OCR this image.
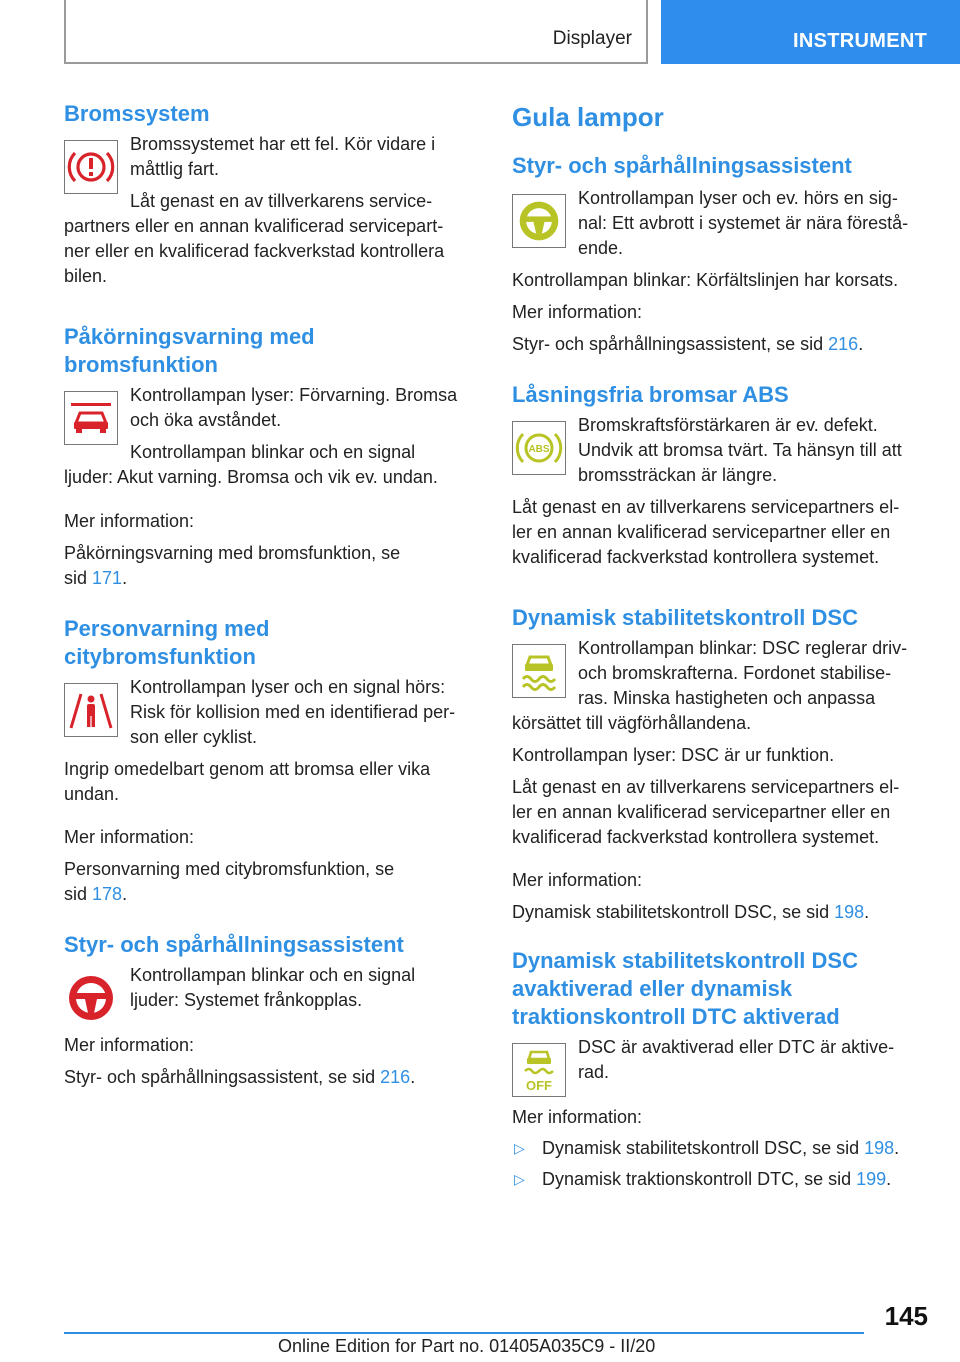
Displayer	INSTRUMENT
Bromssystem

Bromssystemet har ett fel. Kör vidare i

måttlig fart.

Låt genast en av tillverkarens service-

partners eller en annan kvalificerad servicepart-

ner eller en kvalificerad fackverkstad kontrollera

bilen.

Påkörningsvarning med
bromsfunktion

Kontrollampan lyser: Förvarning. Bromsa

och öka avståndet.

Kontrollampan blinkar och en signal

ljuder: Akut varning. Bromsa och vik ev. undan.

Mer information:

Påkörningsvarning med bromsfunktion, se

sid 171.

Personvarning med
citybromsfunktion

Kontrollampan lyser och en signal hörs:

Risk för kollision med en identifierad per-

son eller cyklist.

Ingrip omedelbart genom att bromsa eller vika

undan.

Mer information:

Personvarning med citybromsfunktion, se

sid 178.

Styr- och spårhållningsassistent

Kontrollampan blinkar och en signal

ljuder: Systemet frånkopplas.

Mer information:

Styr- och spårhållningsassistent, se sid 216.

Gula lampor
Styr- och spårhållningsassistent

Kontrollampan lyser och ev. hörs en sig-

nal: Ett avbrott i systemet är nära förestå-

ende.

Kontrollampan blinkar: Körfältslinjen har korsats.

Mer information:

Styr- och spårhållningsassistent, se sid 216.

Låsningsfria bromsar ABS
ABS

Bromskraftsförstärkaren är ev. defekt.

Undvik att bromsa tvärt. Ta hänsyn till att

bromssträckan är längre.

Låt genast en av tillverkarens servicepartners el-

ler en annan kvalificerad servicepartner eller en

kvalificerad fackverkstad kontrollera systemet.

Dynamisk stabilitetskontroll DSC

Kontrollampan blinkar: DSC reglerar driv-

och bromskrafterna. Fordonet stabilise-

ras. Minska hastigheten och anpassa

körsättet till vägförhållandena.

Kontrollampan lyser: DSC är ur funktion.

Låt genast en av tillverkarens servicepartners el-

ler en annan kvalificerad servicepartner eller en

kvalificerad fackverkstad kontrollera systemet.

Mer information:

Dynamisk stabilitetskontroll DSC, se sid 198.

Dynamisk stabilitetskontroll DSC
avaktiverad eller dynamisk
traktionskontroll DTC aktiverad
OFF

DSC är avaktiverad eller DTC är aktive-

rad.

Mer information:

▷ Dynamisk stabilitetskontroll DSC, se sid 198.
▷ Dynamisk traktionskontroll DTC, se sid 199.
145
Online Edition for Part no. 01405A035C9 - II/20
